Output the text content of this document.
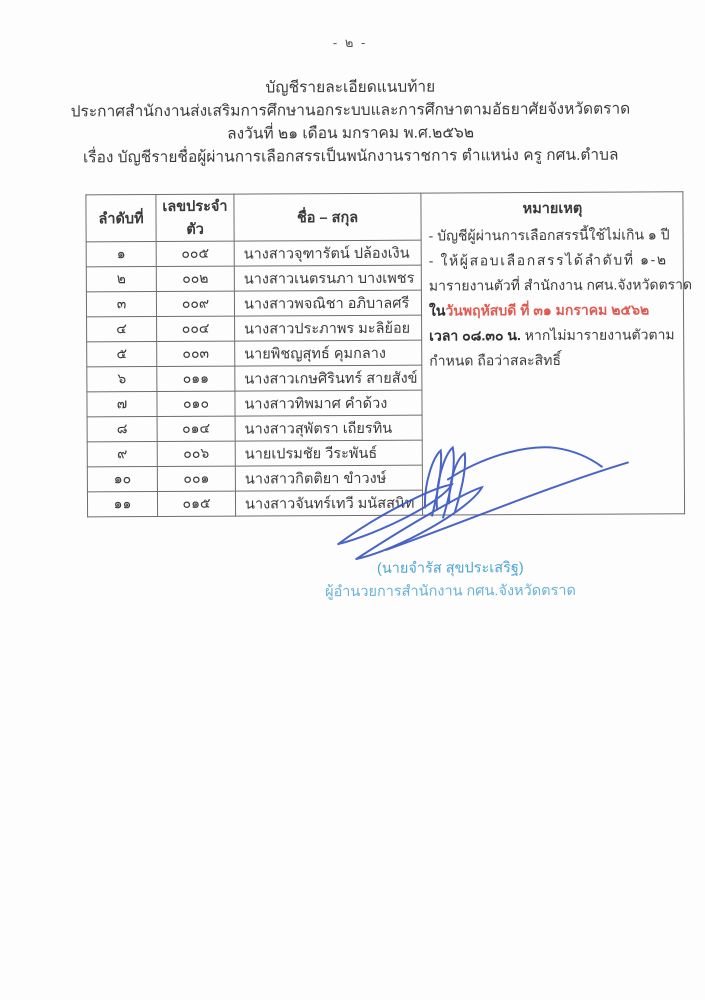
- ๒ -
บัญชีรายละเอียดแนบท้าย
ประกาศสำนักงานส่งเสริมการศึกษานอกระบบและการศึกษาตามอัธยาศัยจังหวัดตราด
ลงวันที่ ๒๑ เดือน มกราคม พ.ศ.๒๕๖๒
เรื่อง บัญชีรายชื่อผู้ผ่านการเลือกสรรเป็นพนักงานราชการ ตำแหน่ง ครู กศน.ตำบล
ลำดับที่	เลขประจำตัว	ชื่อ – สกุล	
หมายเหตุ
- บัญชีผู้ผ่านการเลือกสรรนี้ใช้ไม่เกิน ๑ ปี
- ให้ผู้สอบเลือกสรรได้ลำดับที่ ๑-๒
มารายงานตัวที่ สำนักงาน กศน.จังหวัดตราด
ในวันพฤหัสบดี ที่ ๓๑ มกราคม ๒๕๖๒
เวลา ๐๘.๓๐ น. หากไม่มารายงานตัวตาม
กำหนด ถือว่าสละสิทธิ์

๑	๐๐๕	นางสาวจุฑารัตน์ ปล้องเงิน	
๒	๐๐๒	นางสาวเนตรนภา บางเพชร	
๓	๐๐๙	นางสาวพจณิชา อภิบาลศรี	
๔	๐๐๔	นางสาวประภาพร มะลิย้อย	
๕	๐๐๓	นายพิชญสุทธ์ คุมกลาง	
๖	๐๑๑	นางสาวเกษศิรินทร์ สายสังข์	
๗	๐๑๐	นางสาวทิพมาศ คำด้วง	
๘	๐๑๔	นางสาวสุพัตรา เถียรทิน	
๙	๐๐๖	นายเปรมชัย วีระพันธ์	
๑๐	๐๐๑	นางสาวกิตติยา ขำวงษ์	
๑๑	๐๑๕	นางสาวจันทร์เทวี มนัสสนิท	
(นายจำรัส สุขประเสริฐ)
ผู้อำนวยการสำนักงาน กศน.จังหวัดตราด
